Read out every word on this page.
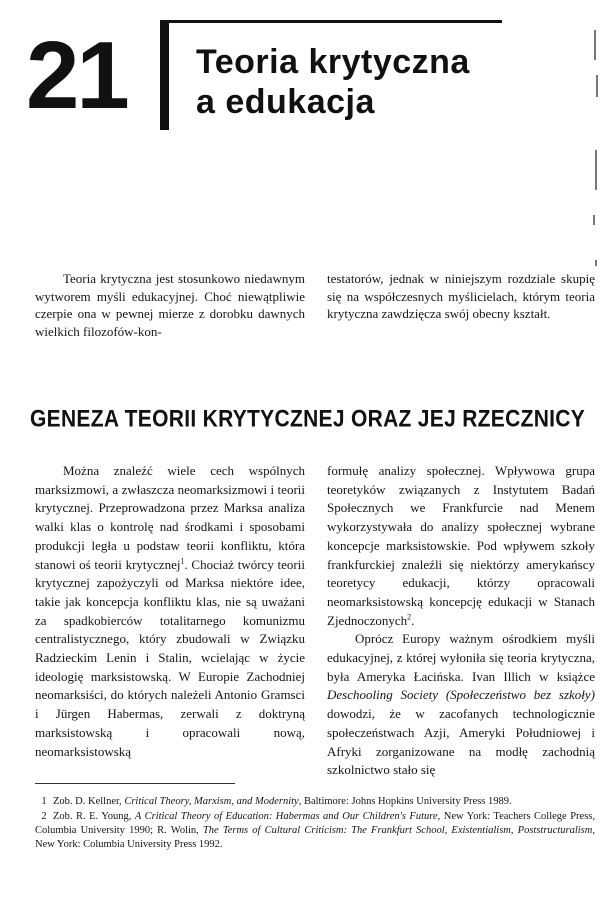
21 Teoria krytyczna
a edukacja

Teoria krytyczna jest stosunkowo niedawnym wytworem myśli edukacyjnej. Choć niewątpliwie czerpie ona w pewnej mierze z dorobku dawnych wielkich filozofów-kon-

testatorów, jednak w niniejszym rozdziale skupię się na współczesnych myślicielach, którym teoria krytyczna zawdzięcza swój obecny kształt.

GENEZA TEORII KRYTYCZNEJ ORAZ JEJ RZECZNICY

Można znaleźć wiele cech wspólnych marksizmowi, a zwłaszcza neomarksizmowi i teorii krytycznej. Przeprowadzona przez Marksa analiza walki klas o kontrolę nad środkami i sposobami produkcji legła u podstaw teorii konfliktu, która stanowi oś teorii krytycznej$^1$. Chociaż twórcy teorii krytycznej zapożyczyli od Marksa niektóre idee, takie jak koncepcja konfliktu klas, nie są uważani za spadkobierców totalitarnego komunizmu centralistycznego, który zbudowali w Związku Radzieckim Lenin i Stalin, wcielając w życie ideologię marksistowską. W Europie Zachodniej neomarksiści, do których należeli Antonio Gramsci i Jürgen Habermas, zerwali z doktryną marksistowską i opracowali nową, neomarksistowską

formułę analizy społecznej. Wpływowa grupa teoretyków związanych z Instytutem Badań Społecznych we Frankfurcie nad Menem wykorzystywała do analizy społecznej wybrane koncepcje marksistowskie. Pod wpływem szkoły frankfurckiej znaleźli się niektórzy amerykańscy teoretycy edukacji, którzy opracowali neomarksistowską koncepcję edukacji w Stanach Zjednoczonych$^2$.

Oprócz Europy ważnym ośrodkiem myśli edukacyjnej, z której wyłoniła się teoria krytyczna, była Ameryka Łacińska. Ivan Illich w książce Deschooling Society (Społeczeństwo bez szkoły) dowodzi, że w zacofanych technologicznie społeczeństwach Azji, Ameryki Południowej i Afryki zorganizowane na modłę zachodnią szkolnictwo stało się

1 Zob. D. Kellner, Critical Theory, Marxism, and Modernity, Baltimore: Johns Hopkins University Press 1989.

2 Zob. R. E. Young, A Critical Theory of Education: Habermas and Our Children's Future, New York: Teachers College Press, Columbia University 1990; R. Wolin, The Terms of Cultural Criticism: The Frankfurt School, Existentialism, Poststructuralism, New York: Columbia University Press 1992.
